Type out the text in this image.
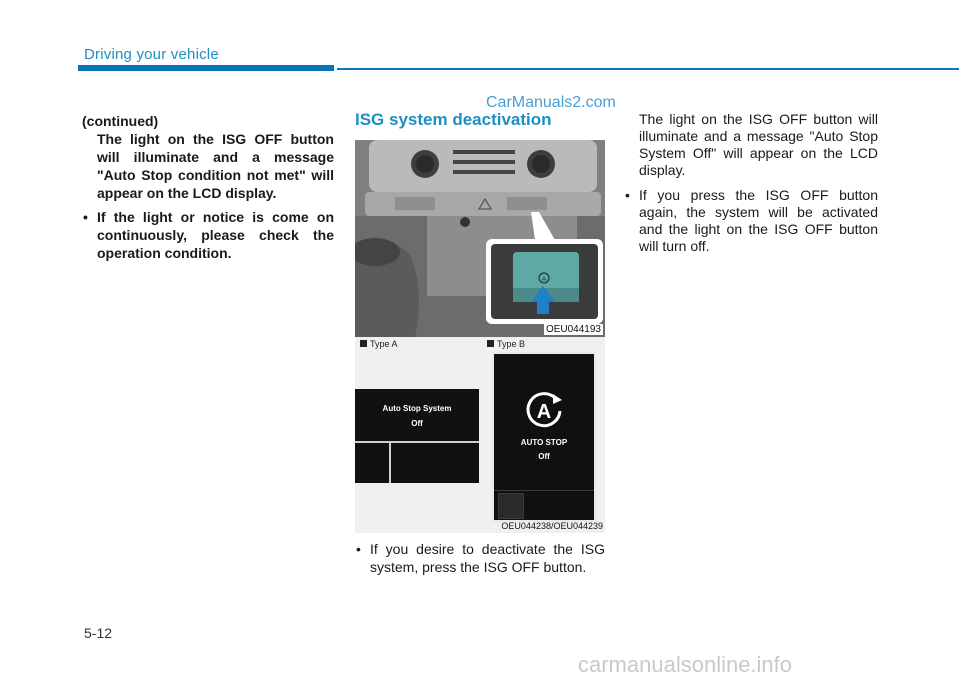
Driving your vehicle
CarManuals2.com
(continued)
The light on the ISG OFF button will illuminate and a message "Auto Stop condition not met" will appear on the LCD display.
• If the light or notice is come on continuously, please check the operation condition.
ISG system deactivation
A
OEU044193
Type A	Type B
Auto Stop System
Off
A
AUTO STOP
Off
OEU044238/OEU044239
• If you desire to deactivate the ISG system, press the ISG OFF button.
The light on the ISG OFF button will illuminate and a message "Auto Stop System Off" will appear on the LCD display.
• If you press the ISG OFF button again, the system will be activated and the light on the ISG OFF button will turn off.
5-12
carmanualsonline.info
